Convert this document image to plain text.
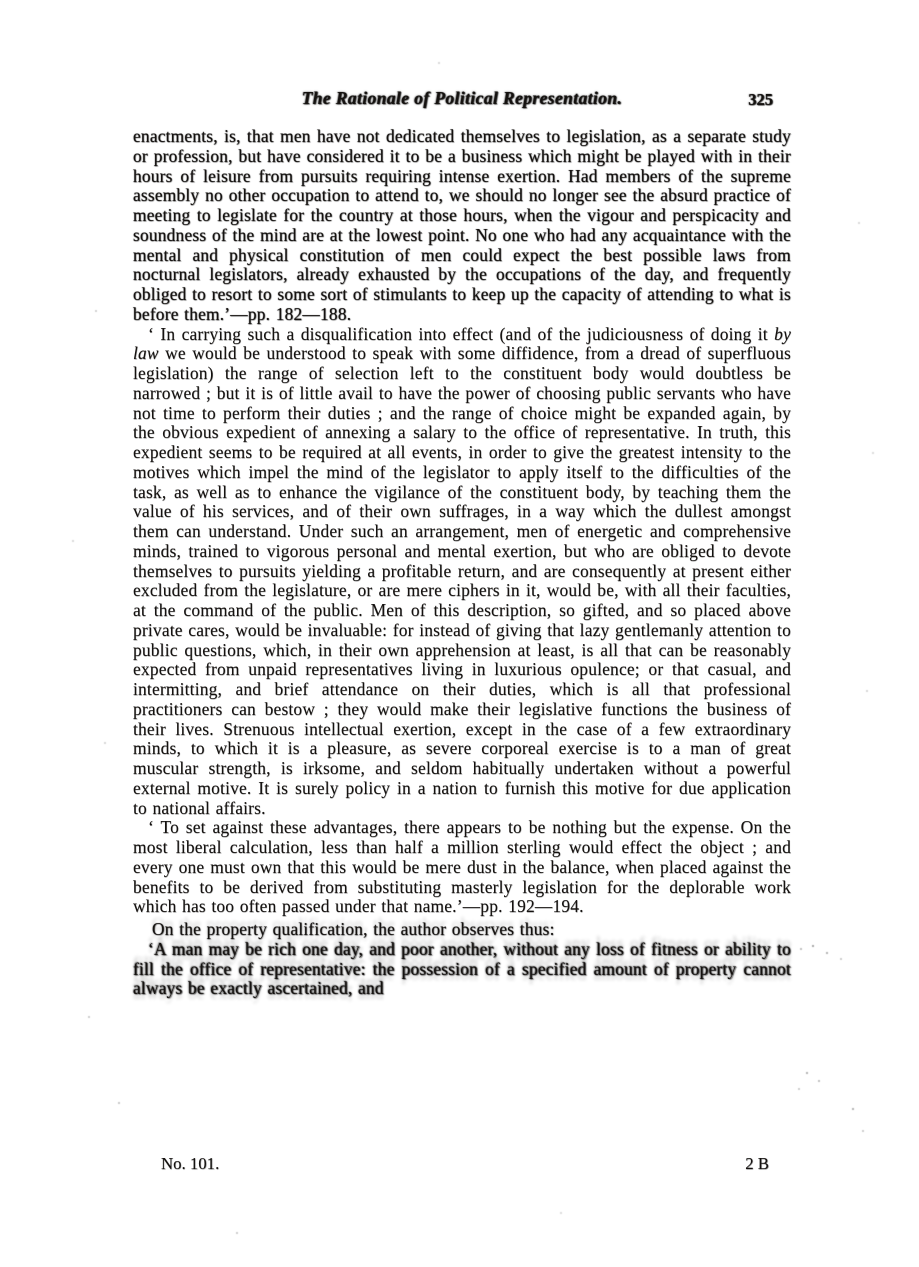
The Rationale of Political Representation.	325

enactments, is, that men have not dedicated themselves to legislation, as a separate study or profession, but have considered it to be a business which might be played with in their hours of leisure from pursuits requiring intense exertion. Had members of the supreme assembly no other occupation to attend to, we should no longer see the absurd practice of meeting to legislate for the country at those hours, when the vigour and perspicacity and soundness of the mind are at the lowest point. No one who had any acquaintance with the mental and physical constitution of men could expect the best possible laws from nocturnal legislators, already exhausted by the occupations of the day, and frequently obliged to resort to some sort of stimulants to keep up the capacity of attending to what is before them.’—pp. 182—188.

‘ In carrying such a disqualification into effect (and of the judiciousness of doing it by law we would be understood to speak with some diffidence, from a dread of superfluous legislation) the range of selection left to the constituent body would doubtless be narrowed ; but it is of little avail to have the power of choosing public servants who have not time to perform their duties ; and the range of choice might be expanded again, by the obvious expedient of annexing a salary to the office of representative. In truth, this expedient seems to be required at all events, in order to give the greatest intensity to the motives which impel the mind of the legislator to apply itself to the difficulties of the task, as well as to enhance the vigilance of the constituent body, by teaching them the value of his services, and of their own suffrages, in a way which the dullest amongst them can understand. Under such an arrangement, men of energetic and comprehensive minds, trained to vigorous personal and mental exertion, but who are obliged to devote themselves to pursuits yielding a profitable return, and are consequently at present either excluded from the legislature, or are mere ciphers in it, would be, with all their faculties, at the command of the public. Men of this description, so gifted, and so placed above private cares, would be invaluable: for instead of giving that lazy gentlemanly attention to public questions, which, in their own apprehension at least, is all that can be reasonably expected from unpaid representatives living in luxurious opulence; or that casual, and intermitting, and brief attendance on their duties, which is all that professional practitioners can bestow ; they would make their legislative functions the business of their lives. Strenuous intellectual exertion, except in the case of a few extraordinary minds, to which it is a pleasure, as severe corporeal exercise is to a man of great muscular strength, is irksome, and seldom habitually undertaken without a powerful external motive. It is surely policy in a nation to furnish this motive for due application to national affairs.

‘ To set against these advantages, there appears to be nothing but the expense. On the most liberal calculation, less than half a million sterling would effect the object ; and every one must own that this would be mere dust in the balance, when placed against the benefits to be derived from substituting masterly legislation for the deplorable work which has too often passed under that name.’—pp. 192—194.

On the property qualification, the author observes thus:

‘A man may be rich one day, and poor another, without any loss of fitness or ability to fill the office of representative: the possession of a specified amount of property cannot always be exactly ascertained, and

No. 101.	2 B
